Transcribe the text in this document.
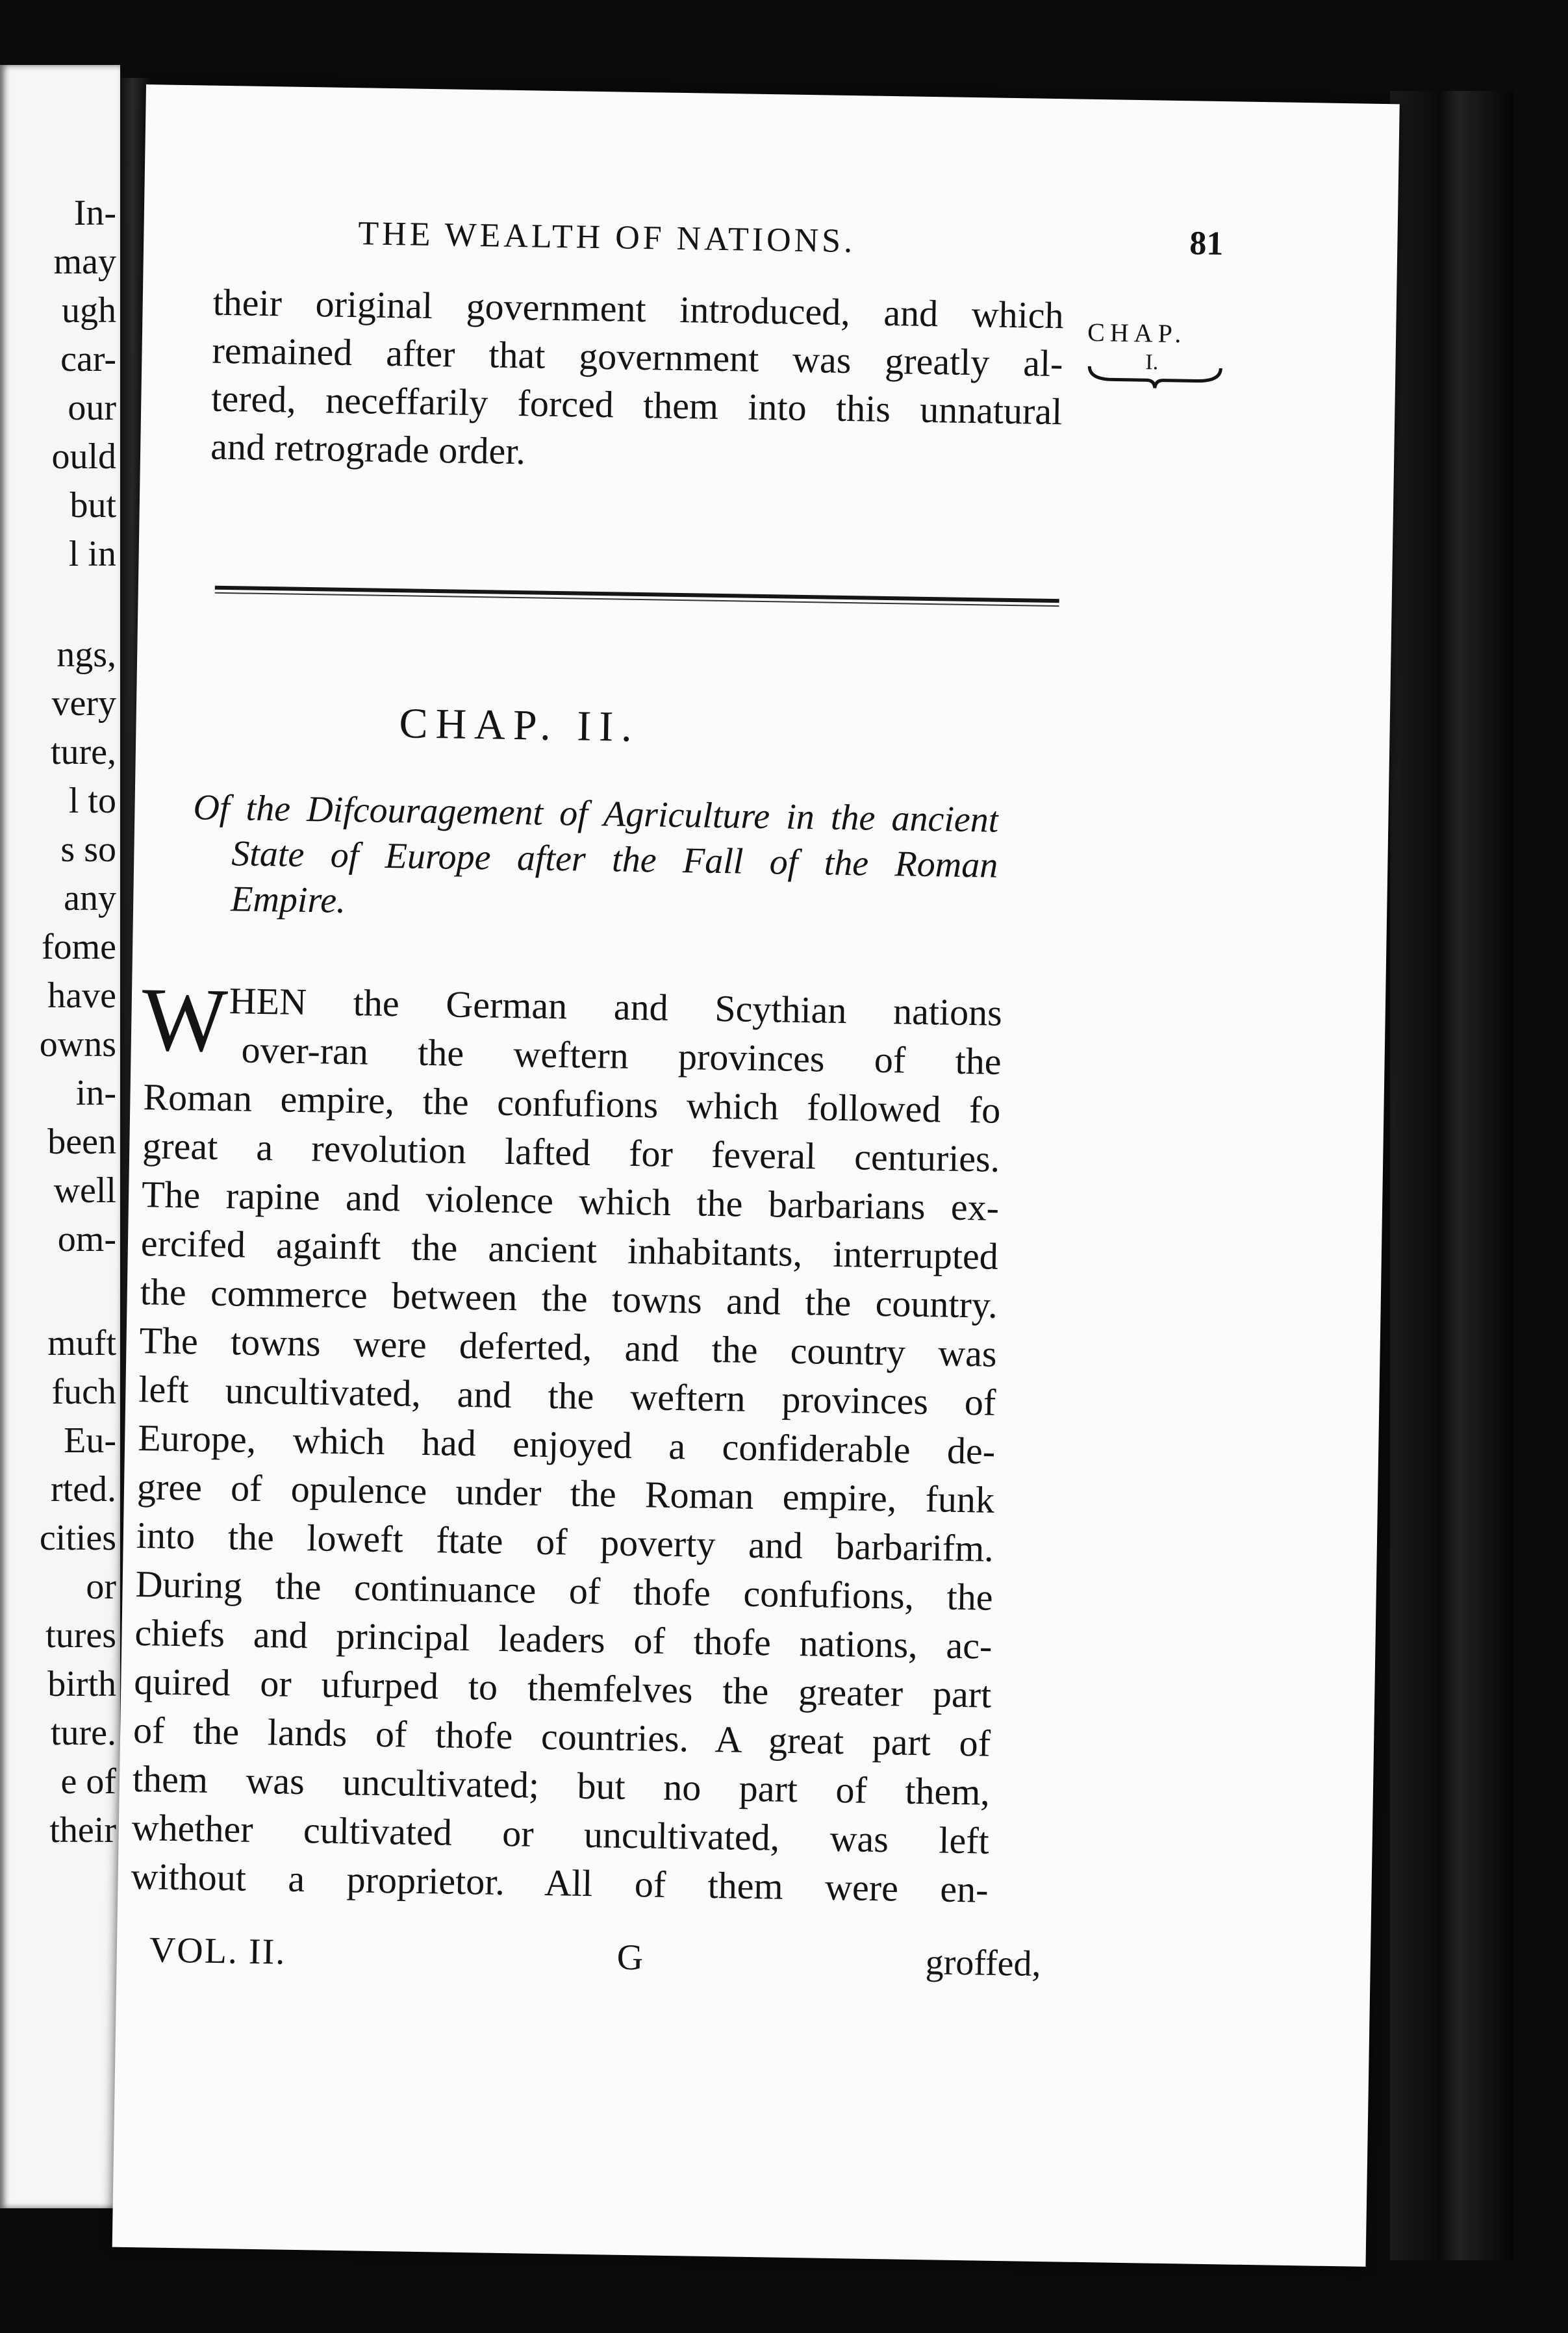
In-
may
ugh
car-
our
ould
but
l in
ngs,
very
ture,
l to
s so
any
fome
have
owns
in-
been
well
om-
muft
fuch
Eu-
rted.
cities
or
tures
birth
ture.
e of
their
THE WEALTH OF NATIONS.	81
CHAP.
I.
CHAP. II.
W
VOL. II.	G	groffed,
their original government introduced, and which
remained after that government was greatly al-
tered, neceffarily forced them into this unnatural
and retrograde order.
Of the Difcouragement of Agriculture in the ancient
State of Europe after the Fall of the Roman
Empire.
HEN the German and Scythian nations
over-ran the weftern provinces of the
Roman empire, the confufions which followed fo
great a revolution lafted for feveral centuries.
The rapine and violence which the barbarians ex-
ercifed againft the ancient inhabitants, interrupted
the commerce between the towns and the country.
The towns were deferted, and the country was
left uncultivated, and the weftern provinces of
Europe, which had enjoyed a confiderable de-
gree of opulence under the Roman empire, funk
into the loweft ftate of poverty and barbarifm.
During the continuance of thofe confufions, the
chiefs and principal leaders of thofe nations, ac-
quired or ufurped to themfelves the greater part
of the lands of thofe countries. A great part of
them was uncultivated; but no part of them,
whether cultivated or uncultivated, was left
without a proprietor. All of them were en-
